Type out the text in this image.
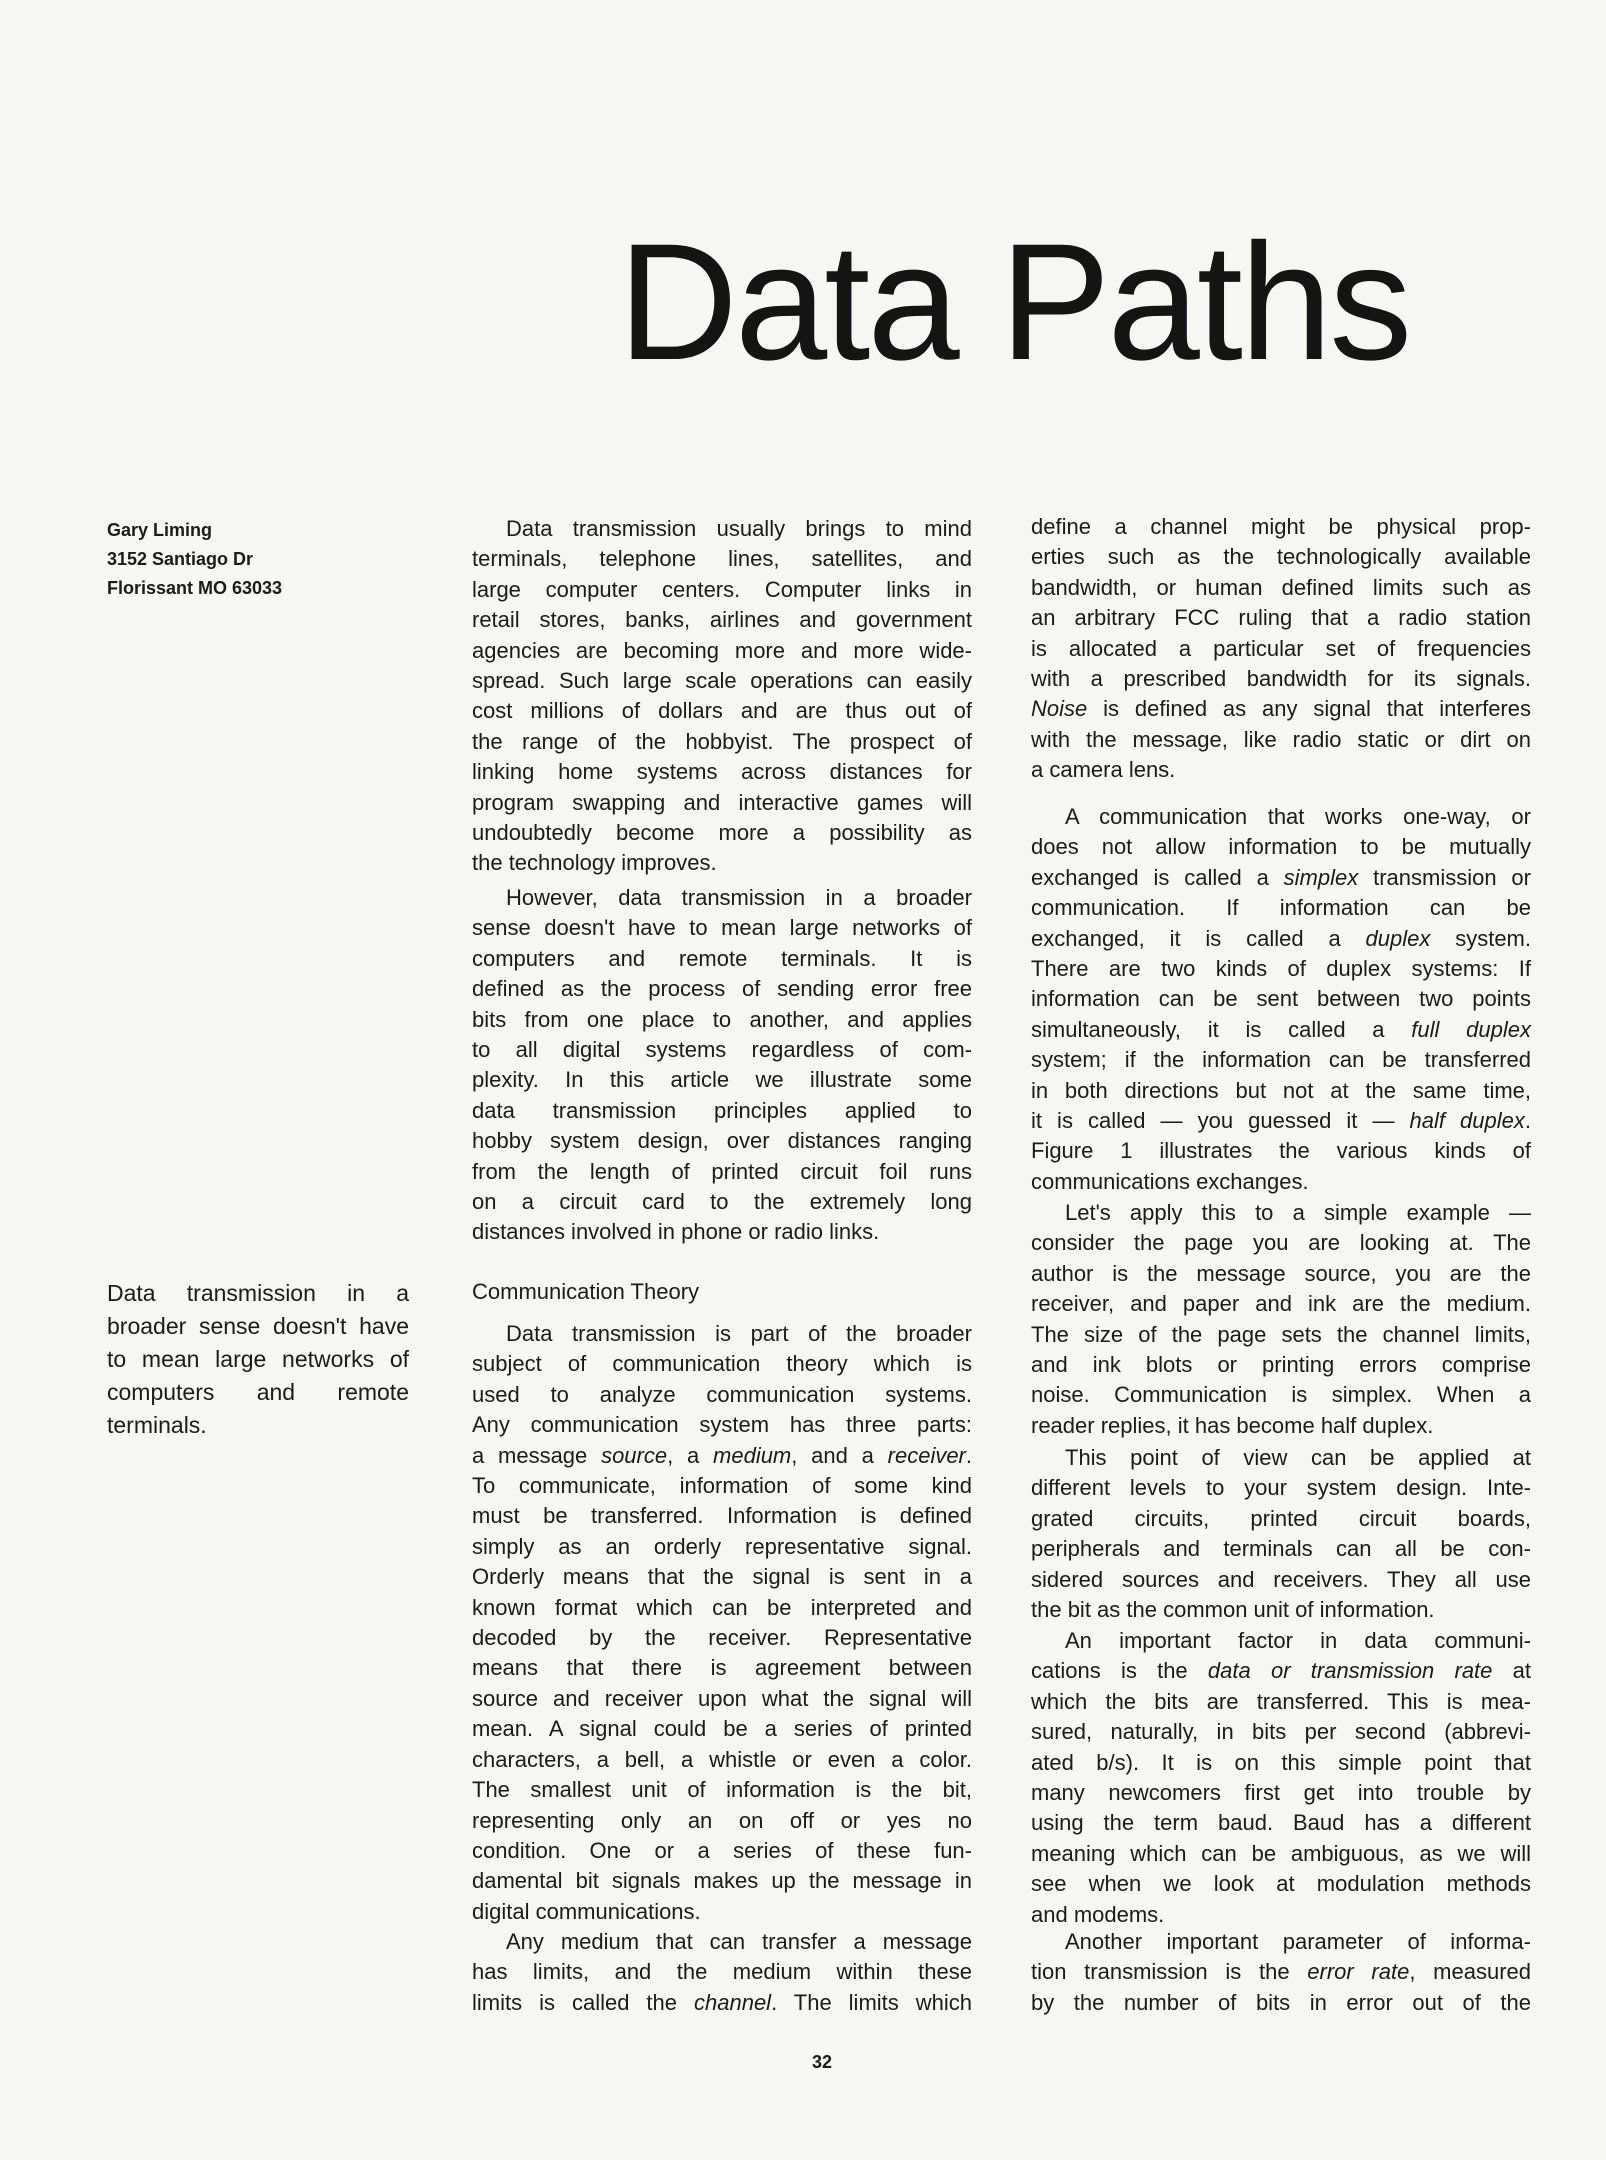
Data Paths
Gary Liming
3152 Santiago Dr
Florissant MO 63033
Data transmission in a
broader sense doesn't have
to mean large networks of
computers and remote
terminals.
Communication Theory
Data transmission usually brings to mind
terminals, telephone lines, satellites, and
large computer centers. Computer links in
retail stores, banks, airlines and government
agencies are becoming more and more wide-
spread. Such large scale operations can easily
cost millions of dollars and are thus out of
the range of the hobbyist. The prospect of
linking home systems across distances for
program swapping and interactive games will
undoubtedly become more a possibility as
the technology improves.
However, data transmission in a broader
sense doesn't have to mean large networks of
computers and remote terminals. It is
defined as the process of sending error free
bits from one place to another, and applies
to all digital systems regardless of com-
plexity. In this article we illustrate some
data transmission principles applied to
hobby system design, over distances ranging
from the length of printed circuit foil runs
on a circuit card to the extremely long
distances involved in phone or radio links.
Data transmission is part of the broader
subject of communication theory which is
used to analyze communication systems.
Any communication system has three parts:
a message source, a medium, and a receiver.
To communicate, information of some kind
must be transferred. Information is defined
simply as an orderly representative signal.
Orderly means that the signal is sent in a
known format which can be interpreted and
decoded by the receiver. Representative
means that there is agreement between
source and receiver upon what the signal will
mean. A signal could be a series of printed
characters, a bell, a whistle or even a color.
The smallest unit of information is the bit,
representing only an on off or yes no
condition. One or a series of these fun-
damental bit signals makes up the message in
digital communications.
Any medium that can transfer a message
has limits, and the medium within these
limits is called the channel. The limits which
define a channel might be physical prop-
erties such as the technologically available
bandwidth, or human defined limits such as
an arbitrary FCC ruling that a radio station
is allocated a particular set of frequencies
with a prescribed bandwidth for its signals.
Noise is defined as any signal that interferes
with the message, like radio static or dirt on
a camera lens.
A communication that works one-way, or
does not allow information to be mutually
exchanged is called a simplex transmission or
communication. If information can be
exchanged, it is called a duplex system.
There are two kinds of duplex systems: If
information can be sent between two points
simultaneously, it is called a full duplex
system; if the information can be transferred
in both directions but not at the same time,
it is called — you guessed it — half duplex.
Figure 1 illustrates the various kinds of
communications exchanges.
Let's apply this to a simple example —
consider the page you are looking at. The
author is the message source, you are the
receiver, and paper and ink are the medium.
The size of the page sets the channel limits,
and ink blots or printing errors comprise
noise. Communication is simplex. When a
reader replies, it has become half duplex.
This point of view can be applied at
different levels to your system design. Inte-
grated circuits, printed circuit boards,
peripherals and terminals can all be con-
sidered sources and receivers. They all use
the bit as the common unit of information.
An important factor in data communi-
cations is the data or transmission rate at
which the bits are transferred. This is mea-
sured, naturally, in bits per second (abbrevi-
ated b/s). It is on this simple point that
many newcomers first get into trouble by
using the term baud. Baud has a different
meaning which can be ambiguous, as we will
see when we look at modulation methods
and modems.
Another important parameter of informa-
tion transmission is the error rate, measured
by the number of bits in error out of the
32
